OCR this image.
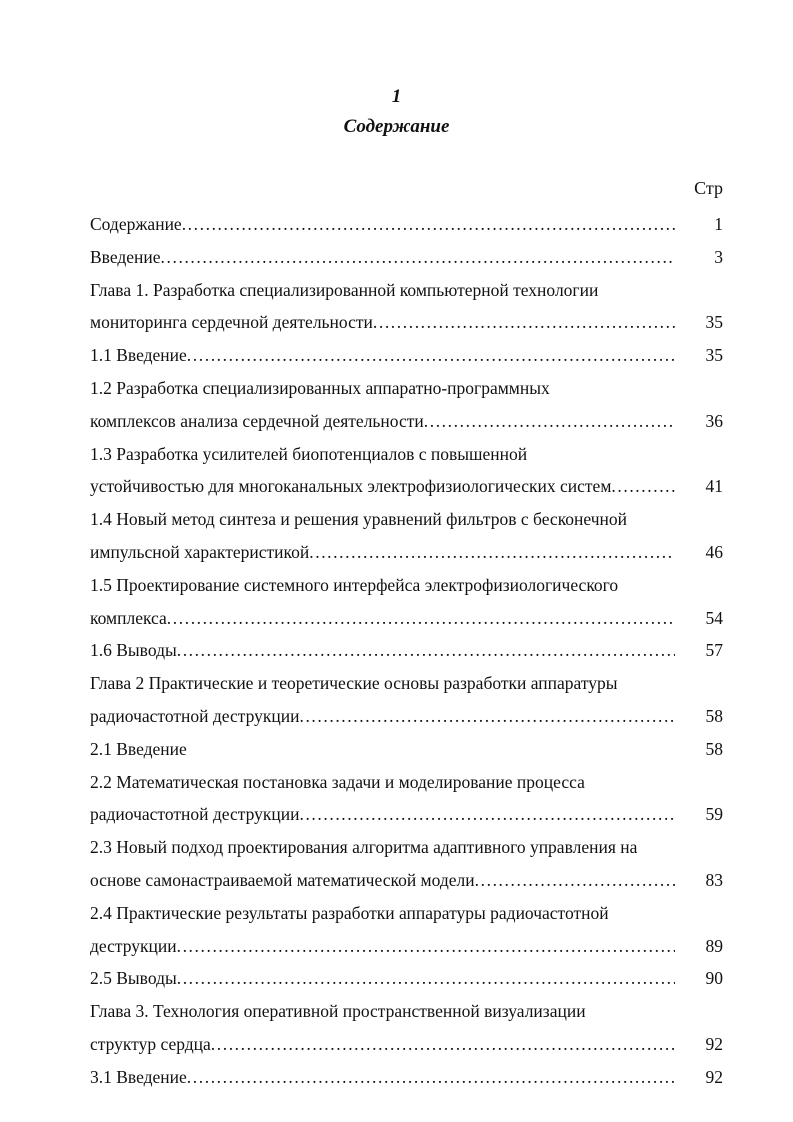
1
Содержание
Стр
Содержание .....	1
Введение .....	3
Глава 1. Разработка специализированной компьютерной технологии
мониторинга сердечной деятельности .....	35
1.1 Введение .....	35
1.2 Разработка специализированных аппаратно-программных
комплексов анализа сердечной деятельности .....	36
1.3 Разработка усилителей биопотенциалов с повышенной
устойчивостью для многоканальных электрофизиологических систем .....	41
1.4 Новый метод синтеза и решения уравнений фильтров с бесконечной
импульсной характеристикой .....	46
1.5 Проектирование системного интерфейса электрофизиологического
комплекса .....	54
1.6 Выводы .....	57
Глава 2 Практические и теоретические основы разработки аппаратуры
радиочастотной деструкции .....	58
2.1 Введение	58
2.2 Математическая постановка задачи и моделирование процесса
радиочастотной деструкции .....	59
2.3 Новый подход проектирования алгоритма адаптивного управления на
основе самонастраиваемой математической модели .....	83
2.4 Практические результаты разработки аппаратуры радиочастотной
деструкции .....	89
2.5 Выводы .....	90
Глава 3. Технология оперативной пространственной визуализации
структур сердца .....	92
3.1 Введение .....	92
